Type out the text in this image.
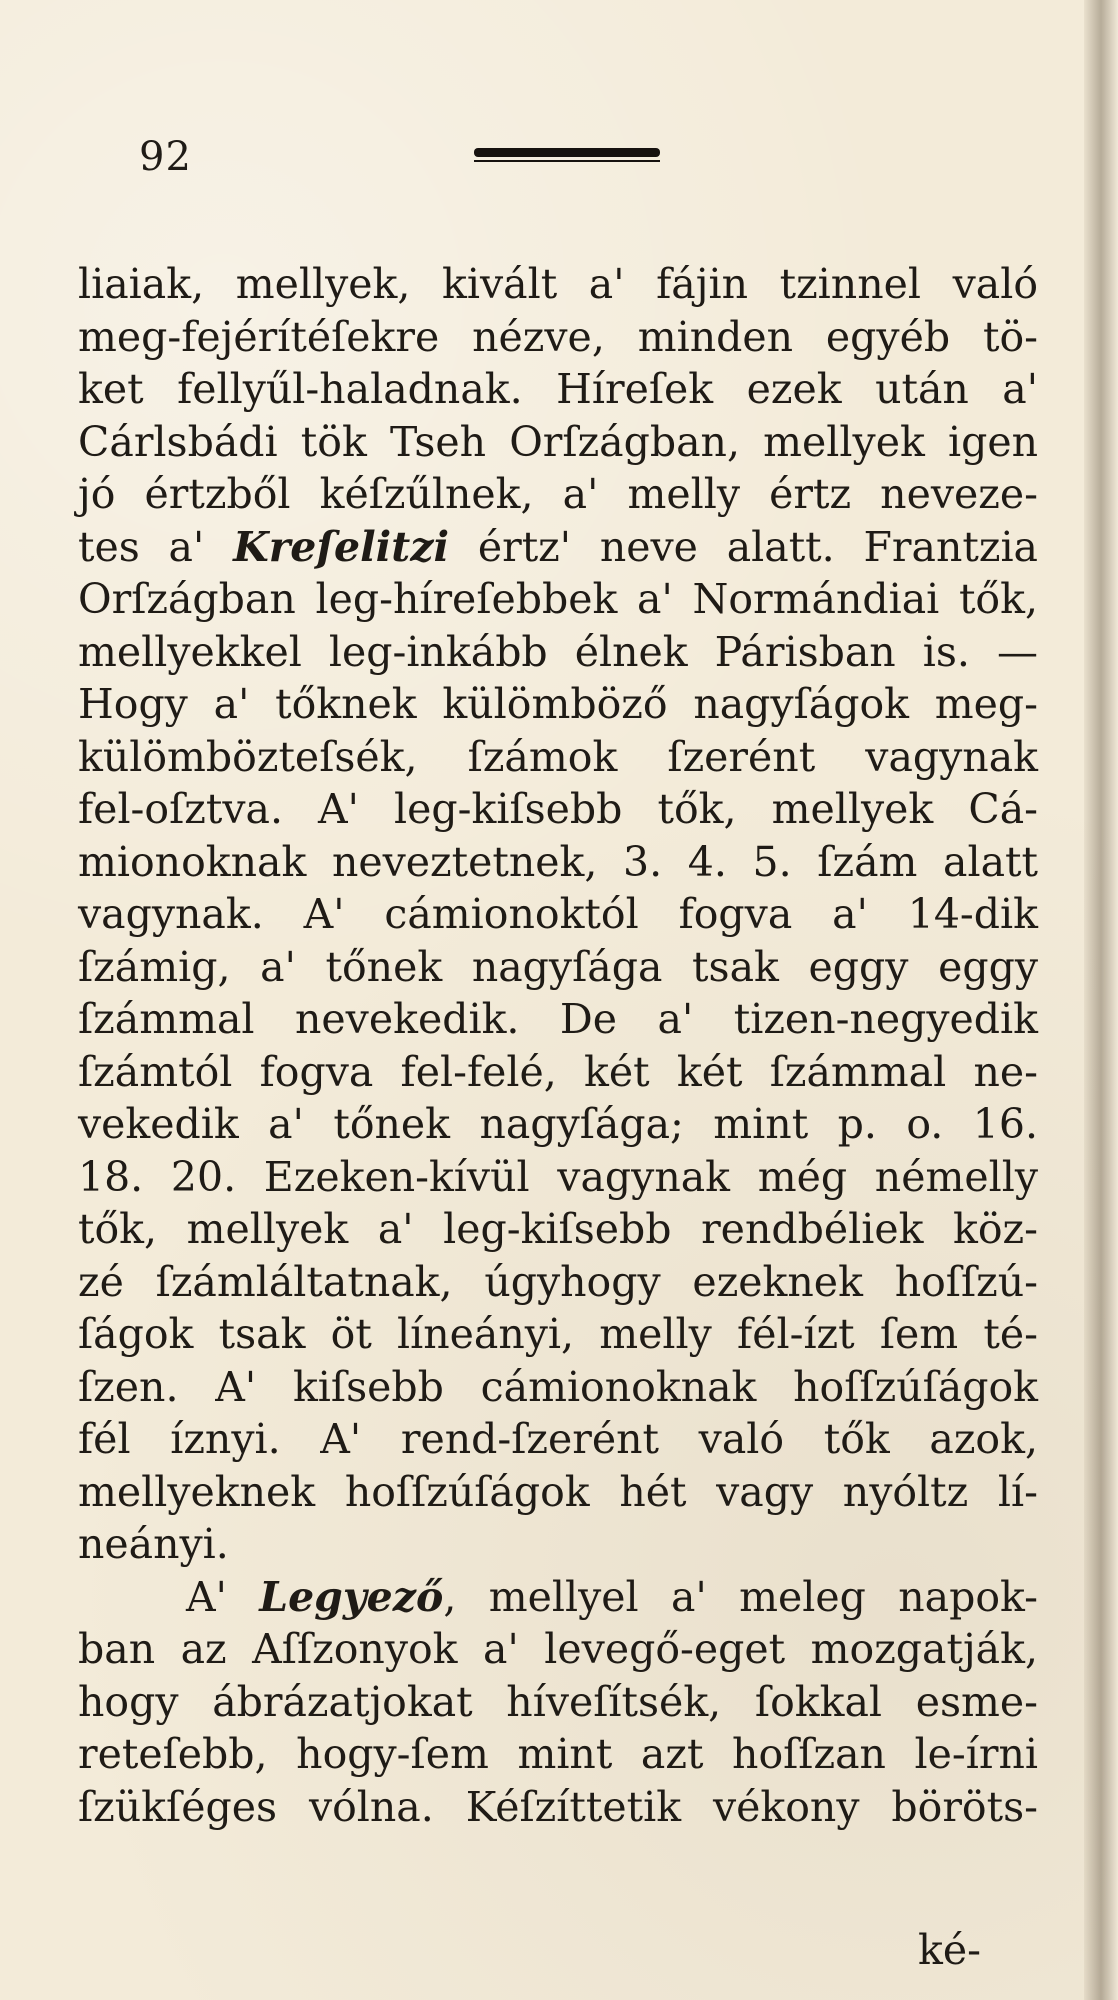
92
liaiak, mellyek, kivált a' fájin tzinnel való
meg-fejérítéſekre nézve, minden egyéb tö-
ket fellyűl-haladnak. Híreſek ezek után a'
Cárlsbádi tök Tseh Orſzágban, mellyek igen
jó értzből kéſzűlnek, a' melly értz neveze-
tes a' Kreſelitzi értz' neve alatt. Frantzia
Orſzágban leg-híreſebbek a' Normándiai tők,
mellyekkel leg-inkább élnek Párisban is. —
Hogy a' tőknek külömböző nagyſágok meg-
külömbözteſsék, ſzámok ſzerént vagynak
fel-oſztva. A' leg-kiſsebb tők, mellyek Cá-
mionoknak neveztetnek, 3. 4. 5. ſzám alatt
vagynak. A' cámionoktól fogva a' 14-dik
ſzámig, a' tőnek nagyſága tsak eggy eggy
ſzámmal nevekedik. De a' tizen-negyedik
ſzámtól fogva fel-felé, két két ſzámmal ne-
vekedik a' tőnek nagyſága; mint p. o. 16.
18. 20. Ezeken-kívül vagynak még némelly
tők, mellyek a' leg-kiſsebb rendbéliek köz-
zé ſzámláltatnak, úgyhogy ezeknek hoſſzú-
ſágok tsak öt líneányi, melly fél-ízt ſem té-
ſzen. A' kiſsebb cámionoknak hoſſzúſágok
fél íznyi. A' rend-ſzerént való tők azok,
mellyeknek hoſſzúſágok hét vagy nyóltz lí-
neányi.
A' Legyező, mellyel a' meleg napok-
ban az Aſſzonyok a' levegő-eget mozgatják,
hogy ábrázatjokat híveſítsék, ſokkal esme-
reteſebb, hogy-ſem mint azt hoſſzan le-írni
ſzükſéges vólna. Kéſzíttetik vékony böröts-
ké-
